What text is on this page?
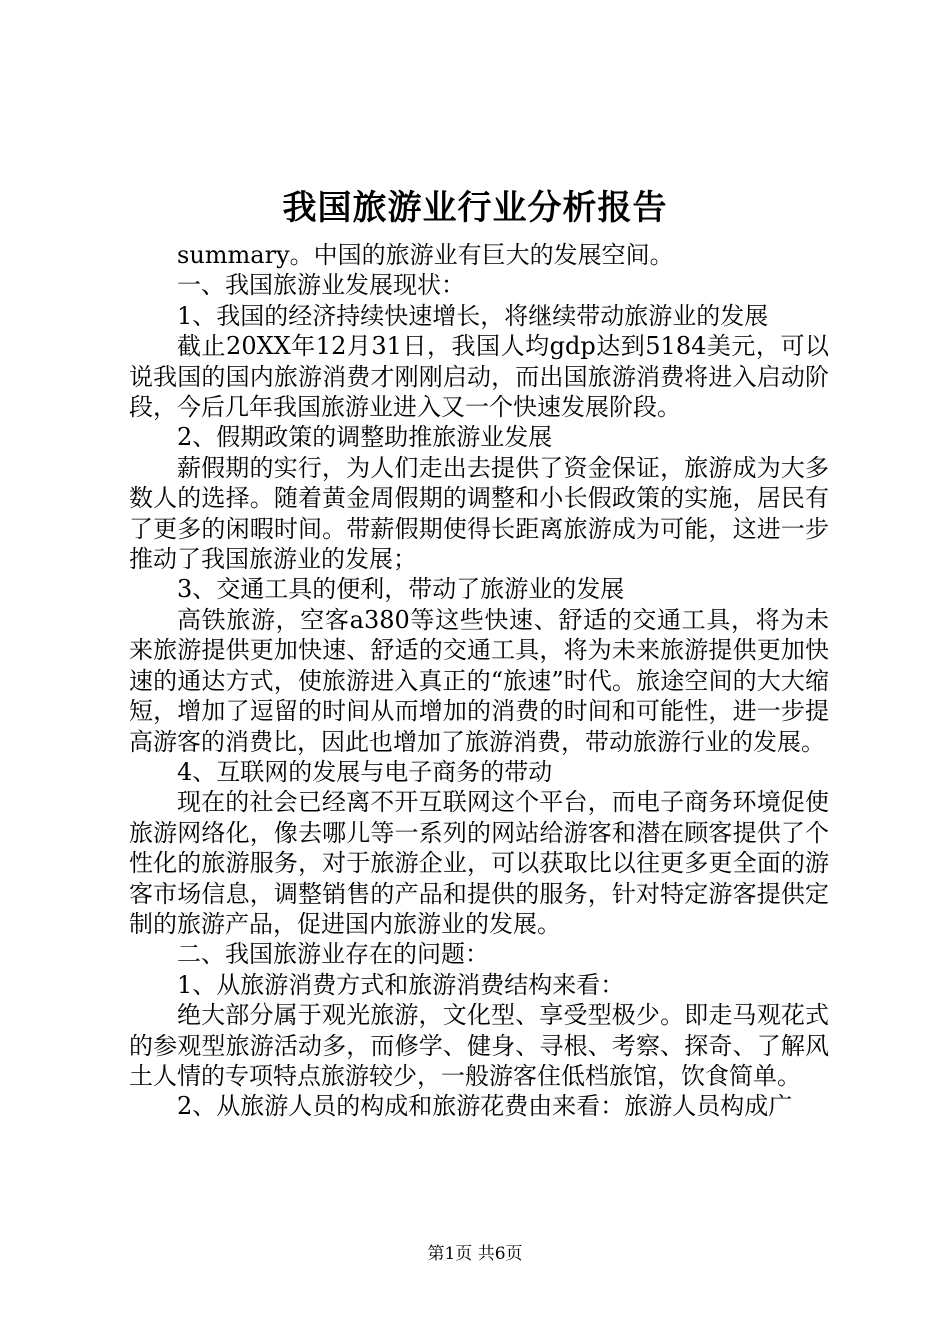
我国旅游业行业分析报告

summary。中国的旅游业有巨大的发展空间。

一、我国旅游业发展现状：

1、我国的经济持续快速增长，将继续带动旅游业的发展

截止20XX年12月31日，我国人均gdp达到5184美元，可以说我国的国内旅游消费才刚刚启动，而出国旅游消费将进入启动阶段，今后几年我国旅游业进入又一个快速发展阶段。

2、假期政策的调整助推旅游业发展

薪假期的实行，为人们走出去提供了资金保证，旅游成为大多数人的选择。随着黄金周假期的调整和小长假政策的实施，居民有了更多的闲暇时间。带薪假期使得长距离旅游成为可能，这进一步推动了我国旅游业的发展；

3、交通工具的便利，带动了旅游业的发展

高铁旅游，空客a380等这些快速、舒适的交通工具，将为未来旅游提供更加快速、舒适的交通工具，将为未来旅游提供更加快速的通达方式，使旅游进入真正的“旅速”时代。旅途空间的大大缩短，增加了逗留的时间从而增加的消费的时间和可能性，进一步提高游客的消费比，因此也增加了旅游消费，带动旅游行业的发展。

4、互联网的发展与电子商务的带动

现在的社会已经离不开互联网这个平台，而电子商务环境促使旅游网络化，像去哪儿等一系列的网站给游客和潜在顾客提供了个性化的旅游服务，对于旅游企业，可以获取比以往更多更全面的游客市场信息，调整销售的产品和提供的服务，针对特定游客提供定制的旅游产品，促进国内旅游业的发展。

二、我国旅游业存在的问题：

1、从旅游消费方式和旅游消费结构来看：

绝大部分属于观光旅游，文化型、享受型极少。即走马观花式的参观型旅游活动多，而修学、健身、寻根、考察、探奇、了解风土人情的专项特点旅游较少，一般游客住低档旅馆，饮食简单。

2、从旅游人员的构成和旅游花费由来看：旅游人员构成广

第1页 共6页
